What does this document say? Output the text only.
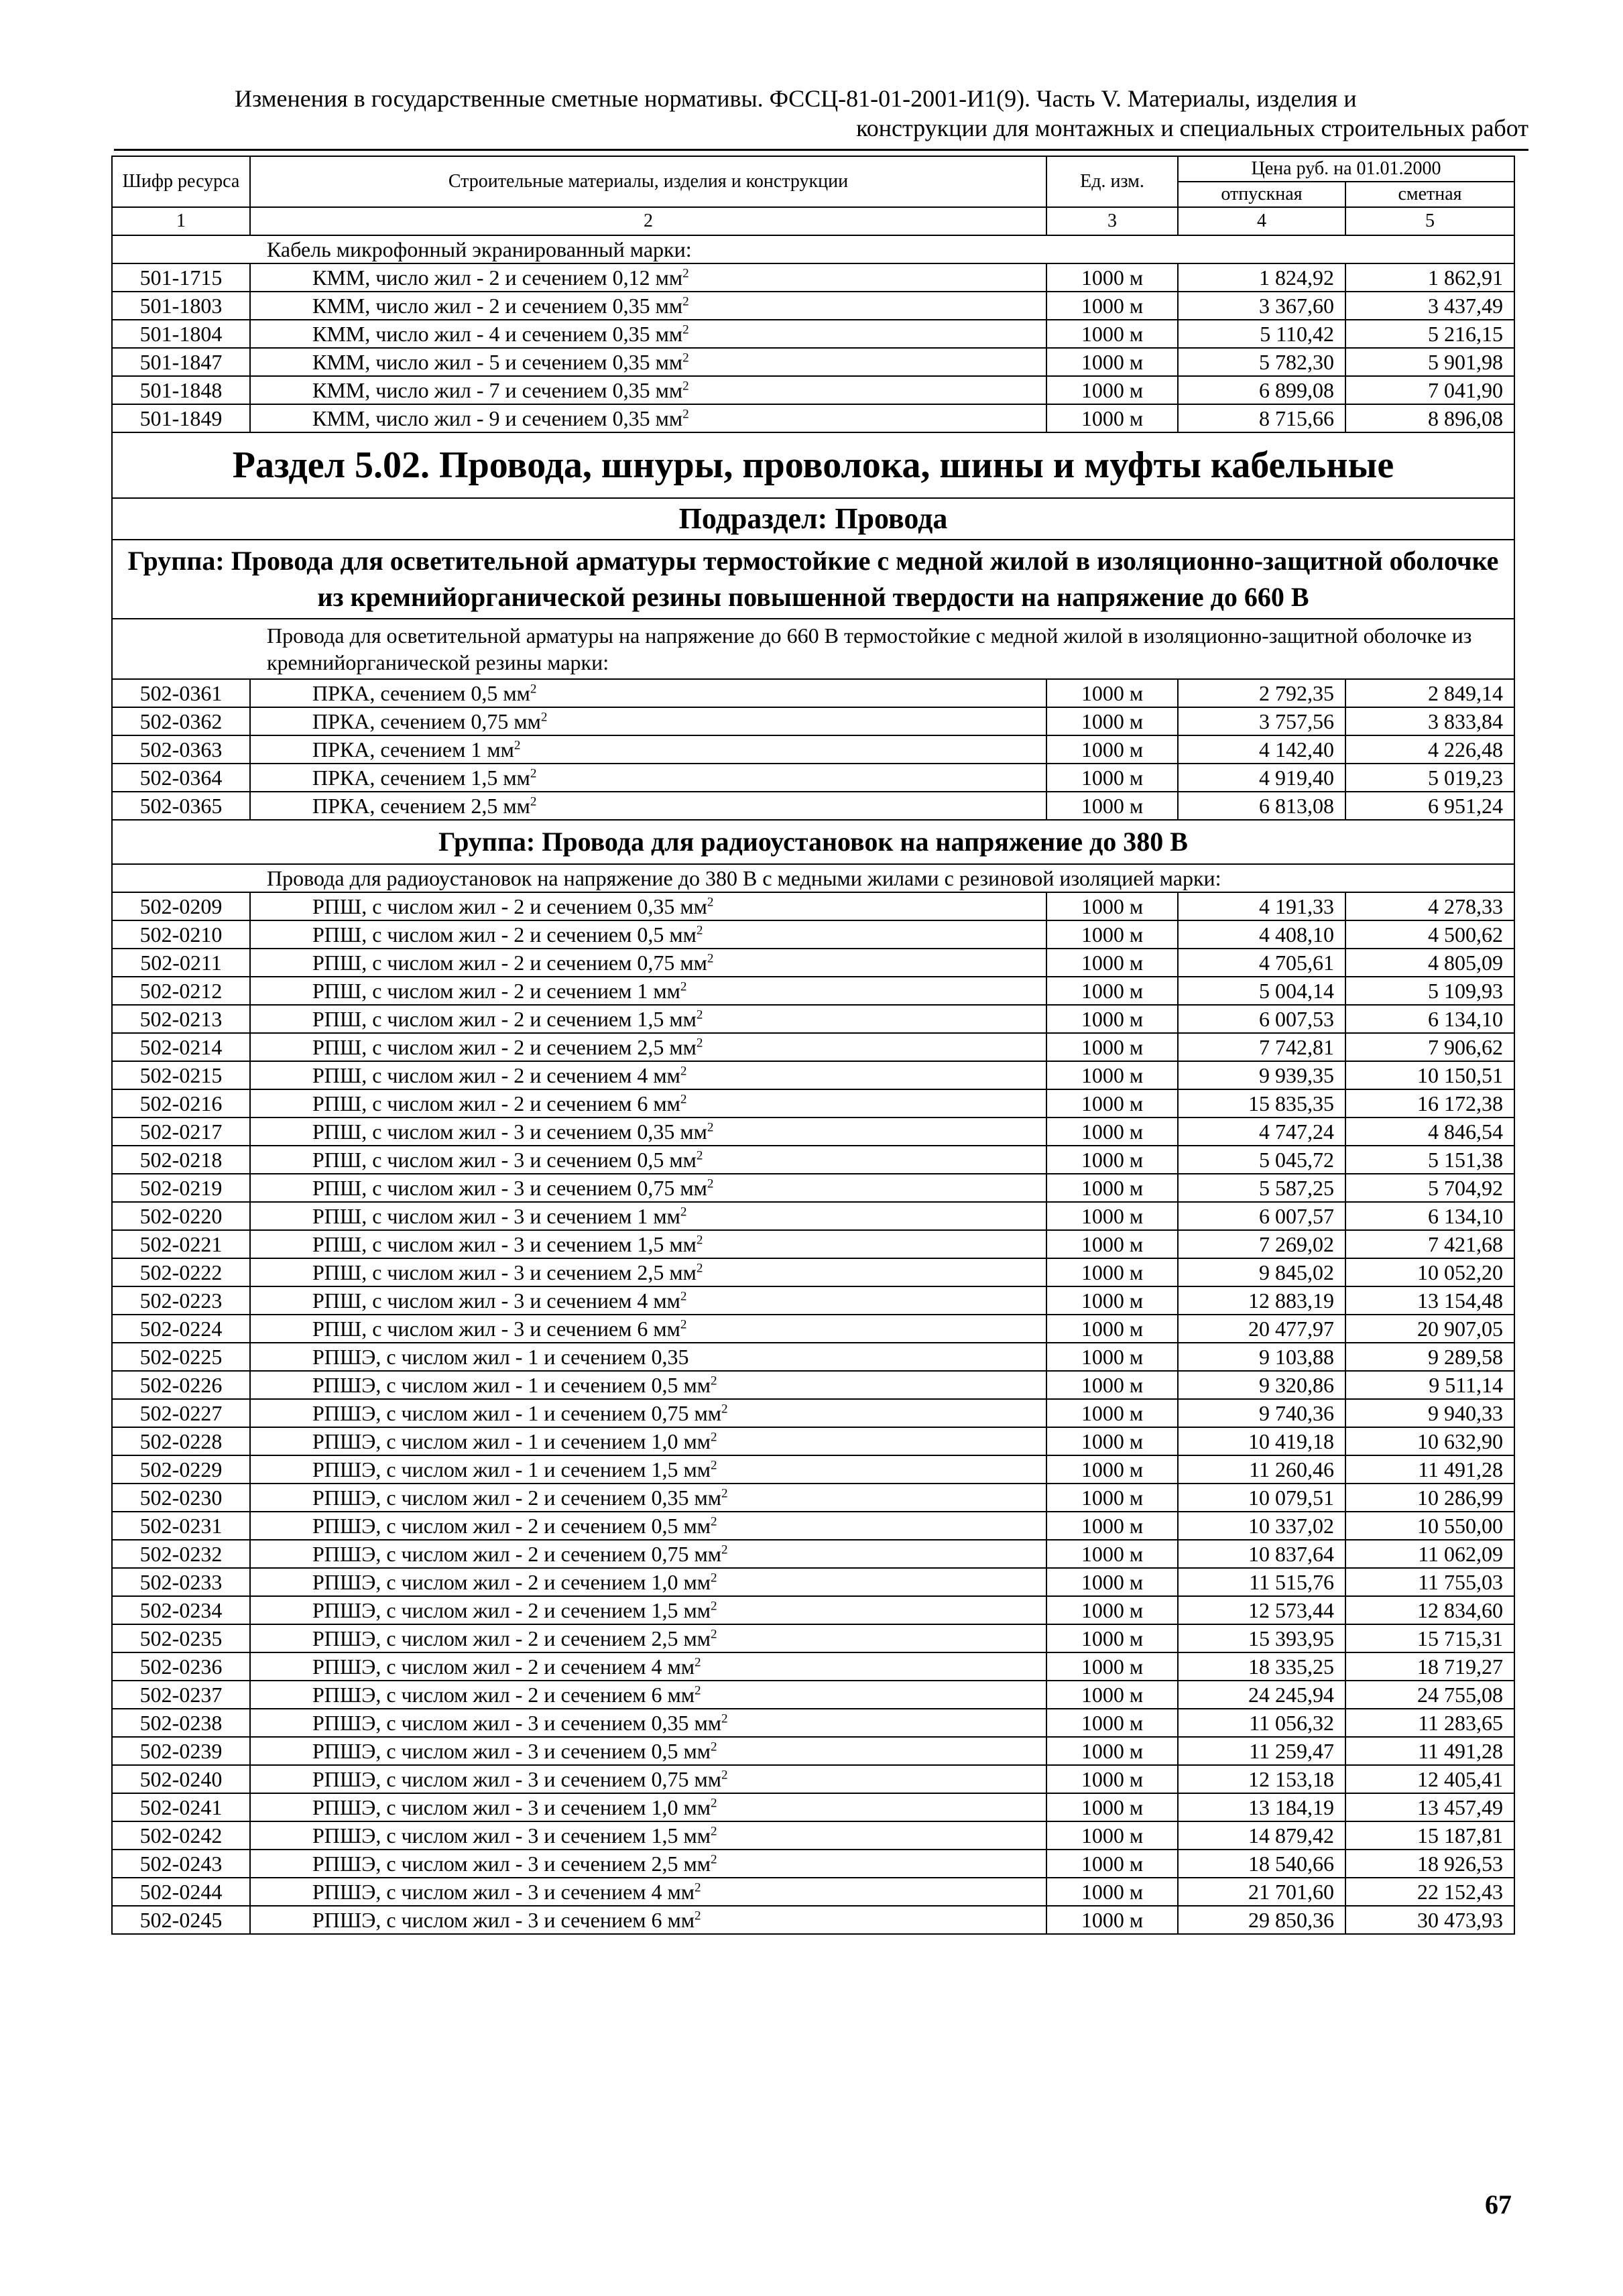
Изменения в государственные сметные нормативы. ФССЦ-81-01-2001-И1(9). Часть V. Материалы, изделия и
конструкции для монтажных и специальных строительных работ
Шифр ресурса	Строительные материалы, изделия и конструкции	Ед. изм.	Цена руб. на 01.01.2000	
			отпускная	сметная
1	2	3	4	5
Кабель микрофонный экранированный марки:				
501-1715	КММ, число жил - 2 и сечением 0,12 $мм^2$	1000 м	1 824,92	1 862,91
501-1803	КММ, число жил - 2 и сечением 0,35 $мм^2$	1000 м	3 367,60	3 437,49
501-1804	КММ, число жил - 4 и сечением 0,35 $мм^2$	1000 м	5 110,42	5 216,15
501-1847	КММ, число жил - 5 и сечением 0,35 $мм^2$	1000 м	5 782,30	5 901,98
501-1848	КММ, число жил - 7 и сечением 0,35 $мм^2$	1000 м	6 899,08	7 041,90
501-1849	КММ, число жил - 9 и сечением 0,35 $мм^2$	1000 м	8 715,66	8 896,08
Раздел 5.02. Провода, шнуры, проволока, шины и муфты кабельные				
Подраздел: Провода				
Группа: Провода для осветительной арматуры термостойкие с медной жилой в изоляционно-защитной оболочке из кремнийорганической резины повышенной твердости на напряжение до 660 В				
Провода для осветительной арматуры на напряжение до 660 В термостойкие с медной жилой в изоляционно-защитной оболочке из кремнийорганической резины марки:				
502-0361	ПРКА, сечением 0,5 $мм^2$	1000 м	2 792,35	2 849,14
502-0362	ПРКА, сечением 0,75 $мм^2$	1000 м	3 757,56	3 833,84
502-0363	ПРКА, сечением 1 $мм^2$	1000 м	4 142,40	4 226,48
502-0364	ПРКА, сечением 1,5 $мм^2$	1000 м	4 919,40	5 019,23
502-0365	ПРКА, сечением 2,5 $мм^2$	1000 м	6 813,08	6 951,24
Группа: Провода для радиоустановок на напряжение до 380 В				
Провода для радиоустановок на напряжение до 380 В с медными жилами с резиновой изоляцией марки:				
502-0209	РПШ, с числом жил - 2 и сечением 0,35 $мм^2$	1000 м	4 191,33	4 278,33
502-0210	РПШ, с числом жил - 2 и сечением 0,5 $мм^2$	1000 м	4 408,10	4 500,62
502-0211	РПШ, с числом жил - 2 и сечением 0,75 $мм^2$	1000 м	4 705,61	4 805,09
502-0212	РПШ, с числом жил - 2 и сечением 1 $мм^2$	1000 м	5 004,14	5 109,93
502-0213	РПШ, с числом жил - 2 и сечением 1,5 $мм^2$	1000 м	6 007,53	6 134,10
502-0214	РПШ, с числом жил - 2 и сечением 2,5 $мм^2$	1000 м	7 742,81	7 906,62
502-0215	РПШ, с числом жил - 2 и сечением 4 $мм^2$	1000 м	9 939,35	10 150,51
502-0216	РПШ, с числом жил - 2 и сечением 6 $мм^2$	1000 м	15 835,35	16 172,38
502-0217	РПШ, с числом жил - 3 и сечением 0,35 $мм^2$	1000 м	4 747,24	4 846,54
502-0218	РПШ, с числом жил - 3 и сечением 0,5 $мм^2$	1000 м	5 045,72	5 151,38
502-0219	РПШ, с числом жил - 3 и сечением 0,75 $мм^2$	1000 м	5 587,25	5 704,92
502-0220	РПШ, с числом жил - 3 и сечением 1 $мм^2$	1000 м	6 007,57	6 134,10
502-0221	РПШ, с числом жил - 3 и сечением 1,5 $мм^2$	1000 м	7 269,02	7 421,68
502-0222	РПШ, с числом жил - 3 и сечением 2,5 $мм^2$	1000 м	9 845,02	10 052,20
502-0223	РПШ, с числом жил - 3 и сечением 4 $мм^2$	1000 м	12 883,19	13 154,48
502-0224	РПШ, с числом жил - 3 и сечением 6 $мм^2$	1000 м	20 477,97	20 907,05
502-0225	РПШЭ, с числом жил - 1 и сечением 0,35	1000 м	9 103,88	9 289,58
502-0226	РПШЭ, с числом жил - 1 и сечением 0,5 $мм^2$	1000 м	9 320,86	9 511,14
502-0227	РПШЭ, с числом жил - 1 и сечением 0,75 $мм^2$	1000 м	9 740,36	9 940,33
502-0228	РПШЭ, с числом жил - 1 и сечением 1,0 $мм^2$	1000 м	10 419,18	10 632,90
502-0229	РПШЭ, с числом жил - 1 и сечением 1,5 $мм^2$	1000 м	11 260,46	11 491,28
502-0230	РПШЭ, с числом жил - 2 и сечением 0,35 $мм^2$	1000 м	10 079,51	10 286,99
502-0231	РПШЭ, с числом жил - 2 и сечением 0,5 $мм^2$	1000 м	10 337,02	10 550,00
502-0232	РПШЭ, с числом жил - 2 и сечением 0,75 $мм^2$	1000 м	10 837,64	11 062,09
502-0233	РПШЭ, с числом жил - 2 и сечением 1,0 $мм^2$	1000 м	11 515,76	11 755,03
502-0234	РПШЭ, с числом жил - 2 и сечением 1,5 $мм^2$	1000 м	12 573,44	12 834,60
502-0235	РПШЭ, с числом жил - 2 и сечением 2,5 $мм^2$	1000 м	15 393,95	15 715,31
502-0236	РПШЭ, с числом жил - 2 и сечением 4 $мм^2$	1000 м	18 335,25	18 719,27
502-0237	РПШЭ, с числом жил - 2 и сечением 6 $мм^2$	1000 м	24 245,94	24 755,08
502-0238	РПШЭ, с числом жил - 3 и сечением 0,35 $мм^2$	1000 м	11 056,32	11 283,65
502-0239	РПШЭ, с числом жил - 3 и сечением 0,5 $мм^2$	1000 м	11 259,47	11 491,28
502-0240	РПШЭ, с числом жил - 3 и сечением 0,75 $мм^2$	1000 м	12 153,18	12 405,41
502-0241	РПШЭ, с числом жил - 3 и сечением 1,0 $мм^2$	1000 м	13 184,19	13 457,49
502-0242	РПШЭ, с числом жил - 3 и сечением 1,5 $мм^2$	1000 м	14 879,42	15 187,81
502-0243	РПШЭ, с числом жил - 3 и сечением 2,5 $мм^2$	1000 м	18 540,66	18 926,53
502-0244	РПШЭ, с числом жил - 3 и сечением 4 $мм^2$	1000 м	21 701,60	22 152,43
502-0245	РПШЭ, с числом жил - 3 и сечением 6 $мм^2$	1000 м	29 850,36	30 473,93
67
